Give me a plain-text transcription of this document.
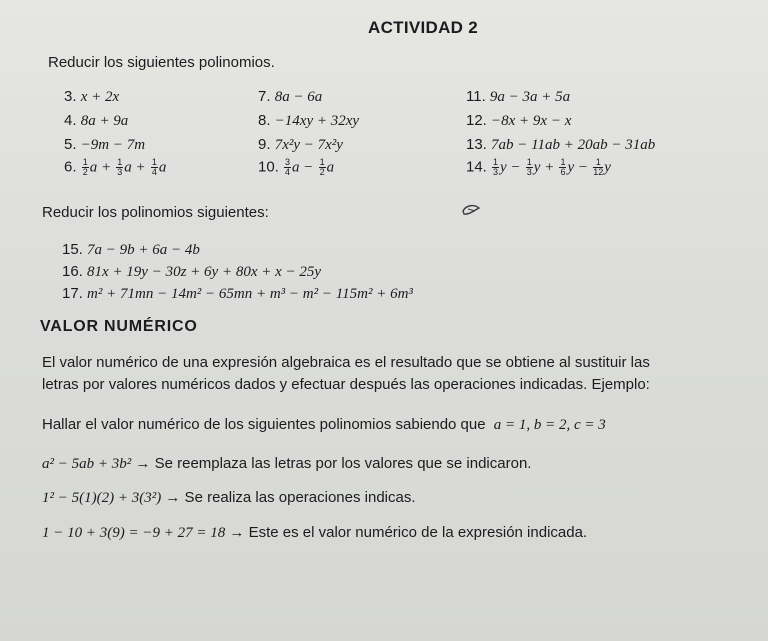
ACTIVIDAD 2
Reducir los siguientes polinomios.
3. x + 2x	7. 8a − 6a	11. 9a − 3a + 5a
4. 8a + 9a	8. −14xy + 32xy	12. −8x + 9x − x
5. −9m − 7m	9. 7x²y − 7x²y	13. 7ab − 11ab + 20ab − 31ab
6. $\frac{1}{2}$ $a + \frac{1}{3}$ $a + \frac{1}{4}$ a	10. $\frac{3}{4}$ $a - \frac{1}{2}$ a	14. $\frac{1}{3}$ $y - \frac{1}{3}$ $y + \frac{1}{6}$ $y - \frac{1}{12}$ y
Reducir los polinomios siguientes:
15. 7a − 9b + 6a − 4b
16. 81x + 19y − 30z + 6y + 80x + x − 25y
17. m² + 71mn − 14m² − 65mn + m³ − m² − 115m² + 6m³
VALOR NUMÉRICO
El valor numérico de una expresión algebraica es el resultado que se obtiene al sustituir las
letras por valores numéricos dados y efectuar después las operaciones indicadas. Ejemplo:
Hallar el valor numérico de los siguientes polinomios sabiendo que a = 1, b = 2, c = 3
a² − 5ab + 3b² → Se reemplaza las letras por los valores que se indicaron.
1² − 5(1)(2) + 3(3²) → Se realiza las operaciones indicas.
1 − 10 + 3(9) = −9 + 27 = 18 → Este es el valor numérico de la expresión indicada.
